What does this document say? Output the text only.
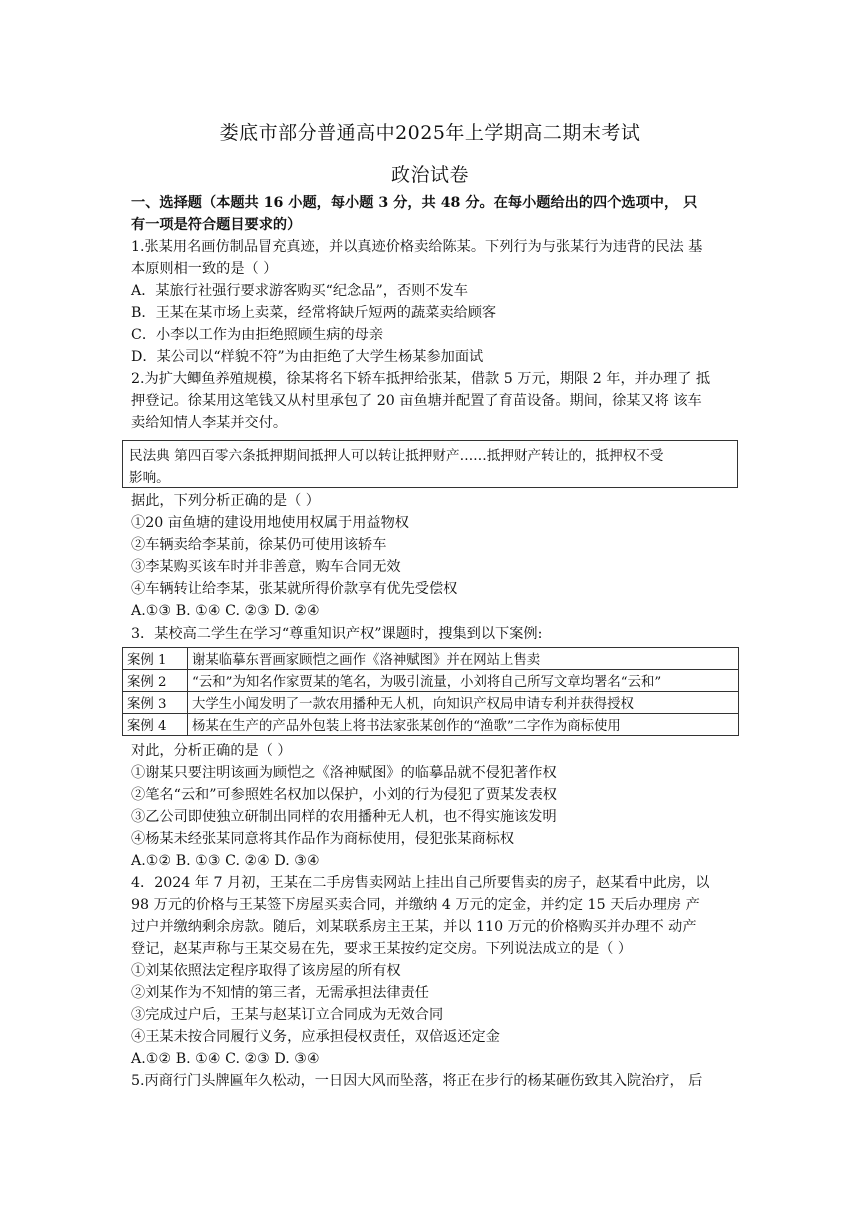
娄底市部分普通高中2025年上学期高二期末考试
政治试卷
一、选择题（本题共 16 小题，每小题 3 分，共 48 分。在每小题给出的四个选项中， 只
有一项是符合题目要求的）
1.张某用名画仿制品冒充真迹，并以真迹价格卖给陈某。下列行为与张某行为违背的民法 基
本原则相一致的是（ ）
A．某旅行社强行要求游客购买“纪念品”，否则不发车
B．王某在某市场上卖菜，经常将缺斤短两的蔬菜卖给顾客
C．小李以工作为由拒绝照顾生病的母亲
D．某公司以“样貌不符”为由拒绝了大学生杨某参加面试
2.为扩大鲫鱼养殖规模，徐某将名下轿车抵押给张某，借款 5 万元，期限 2 年，并办理了 抵
押登记。徐某用这笔钱又从村里承包了 20 亩鱼塘并配置了育苗设备。期间，徐某又将 该车
卖给知情人李某并交付。
民法典 第四百零六条抵押期间抵押人可以转让抵押财产……抵押财产转让的，抵押权不受
影响。
据此，下列分析正确的是（ ）
①20 亩鱼塘的建设用地使用权属于用益物权
②车辆卖给李某前，徐某仍可使用该轿车
③李某购买该车时并非善意，购车合同无效
④车辆转让给李某，张某就所得价款享有优先受偿权
A.①③ B. ①④ C. ②③ D. ②④
3．某校高二学生在学习“尊重知识产权”课题时，搜集到以下案例:
案例 1	谢某临摹东晋画家顾恺之画作《洛神赋图》并在网站上售卖
案例 2	“云和”为知名作家贾某的笔名，为吸引流量，小刘将自己所写文章均署名“云和”
案例 3	大学生小闻发明了一款农用播种无人机，向知识产权局申请专利并获得授权
案例 4	杨某在生产的产品外包装上将书法家张某创作的“渔歌”二字作为商标使用
对此，分析正确的是（ ）
①谢某只要注明该画为顾恺之《洛神赋图》的临摹品就不侵犯著作权
②笔名“云和”可参照姓名权加以保护，小刘的行为侵犯了贾某发表权
③乙公司即使独立研制出同样的农用播种无人机，也不得实施该发明
④杨某未经张某同意将其作品作为商标使用，侵犯张某商标权
A.①② B. ①③ C. ②④ D. ③④
4．2024 年 7 月初，王某在二手房售卖网站上挂出自己所要售卖的房子，赵某看中此房，以
98 万元的价格与王某签下房屋买卖合同，并缴纳 4 万元的定金，并约定 15 天后办理房 产
过户并缴纳剩余房款。随后，刘某联系房主王某，并以 110 万元的价格购买并办理不 动产
登记，赵某声称与王某交易在先，要求王某按约定交房。下列说法成立的是（ ）
①刘某依照法定程序取得了该房屋的所有权
②刘某作为不知情的第三者，无需承担法律责任
③完成过户后，王某与赵某订立合同成为无效合同
④王某未按合同履行义务，应承担侵权责任，双倍返还定金
A.①② B. ①④ C. ②③ D. ③④
5.丙商行门头牌匾年久松动，一日因大风而坠落，将正在步行的杨某砸伤致其入院治疗， 后
